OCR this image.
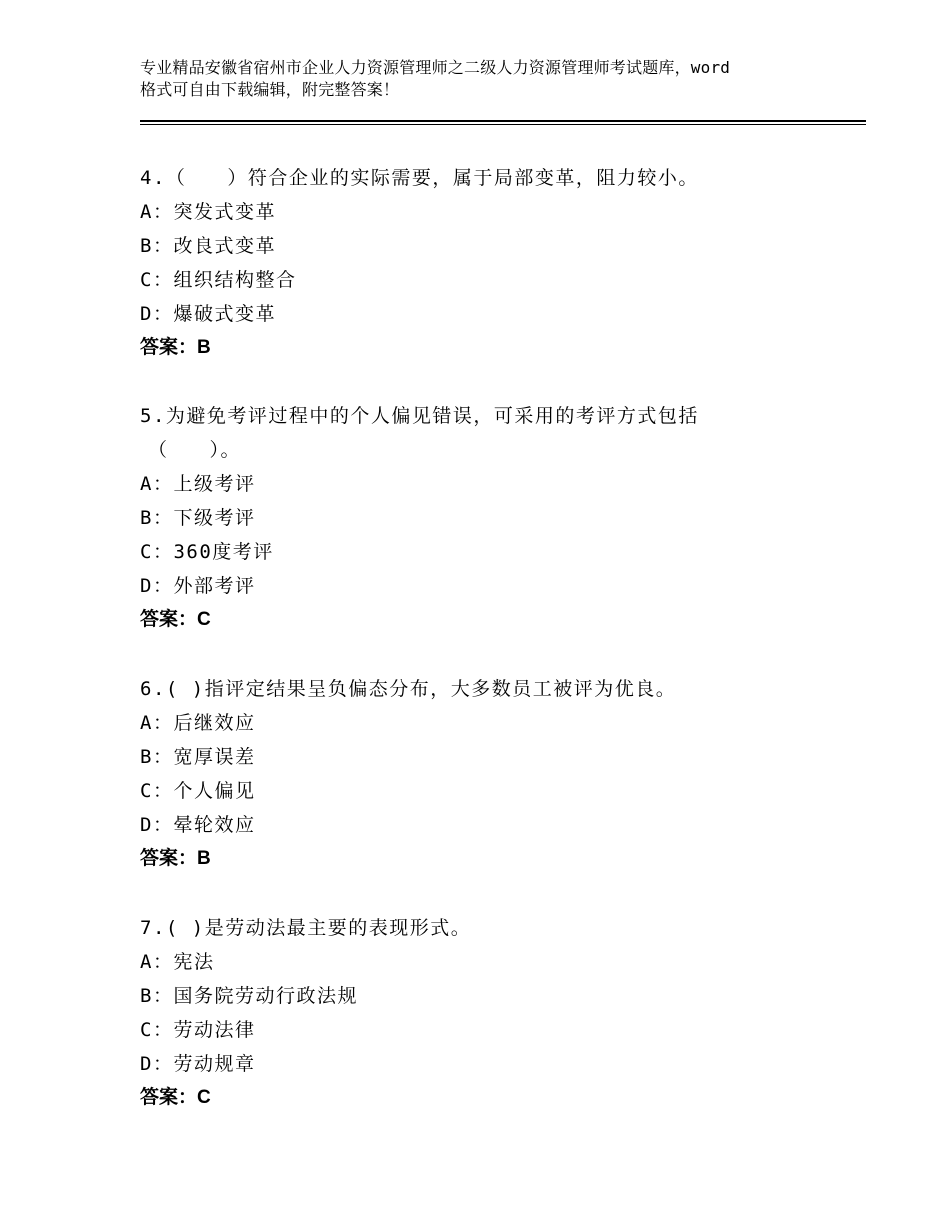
专业精品安徽省宿州市企业人力资源管理师之二级人力资源管理师考试题库，word
格式可自由下载编辑，附完整答案！
4.（　　）符合企业的实际需要，属于局部变革，阻力较小。
A：突发式变革
B：改良式变革
C：组织结构整合
D：爆破式变革
答案：B
5.为避免考评过程中的个人偏见错误，可采用的考评方式包括
（　　）。
A：上级考评
B：下级考评
C：360度考评
D：外部考评
答案：C
6.( )指评定结果呈负偏态分布，大多数员工被评为优良。
A：后继效应
B：宽厚误差
C：个人偏见
D：晕轮效应
答案：B
7.( )是劳动法最主要的表现形式。
A：宪法
B：国务院劳动行政法规
C：劳动法律
D：劳动规章
答案：C
